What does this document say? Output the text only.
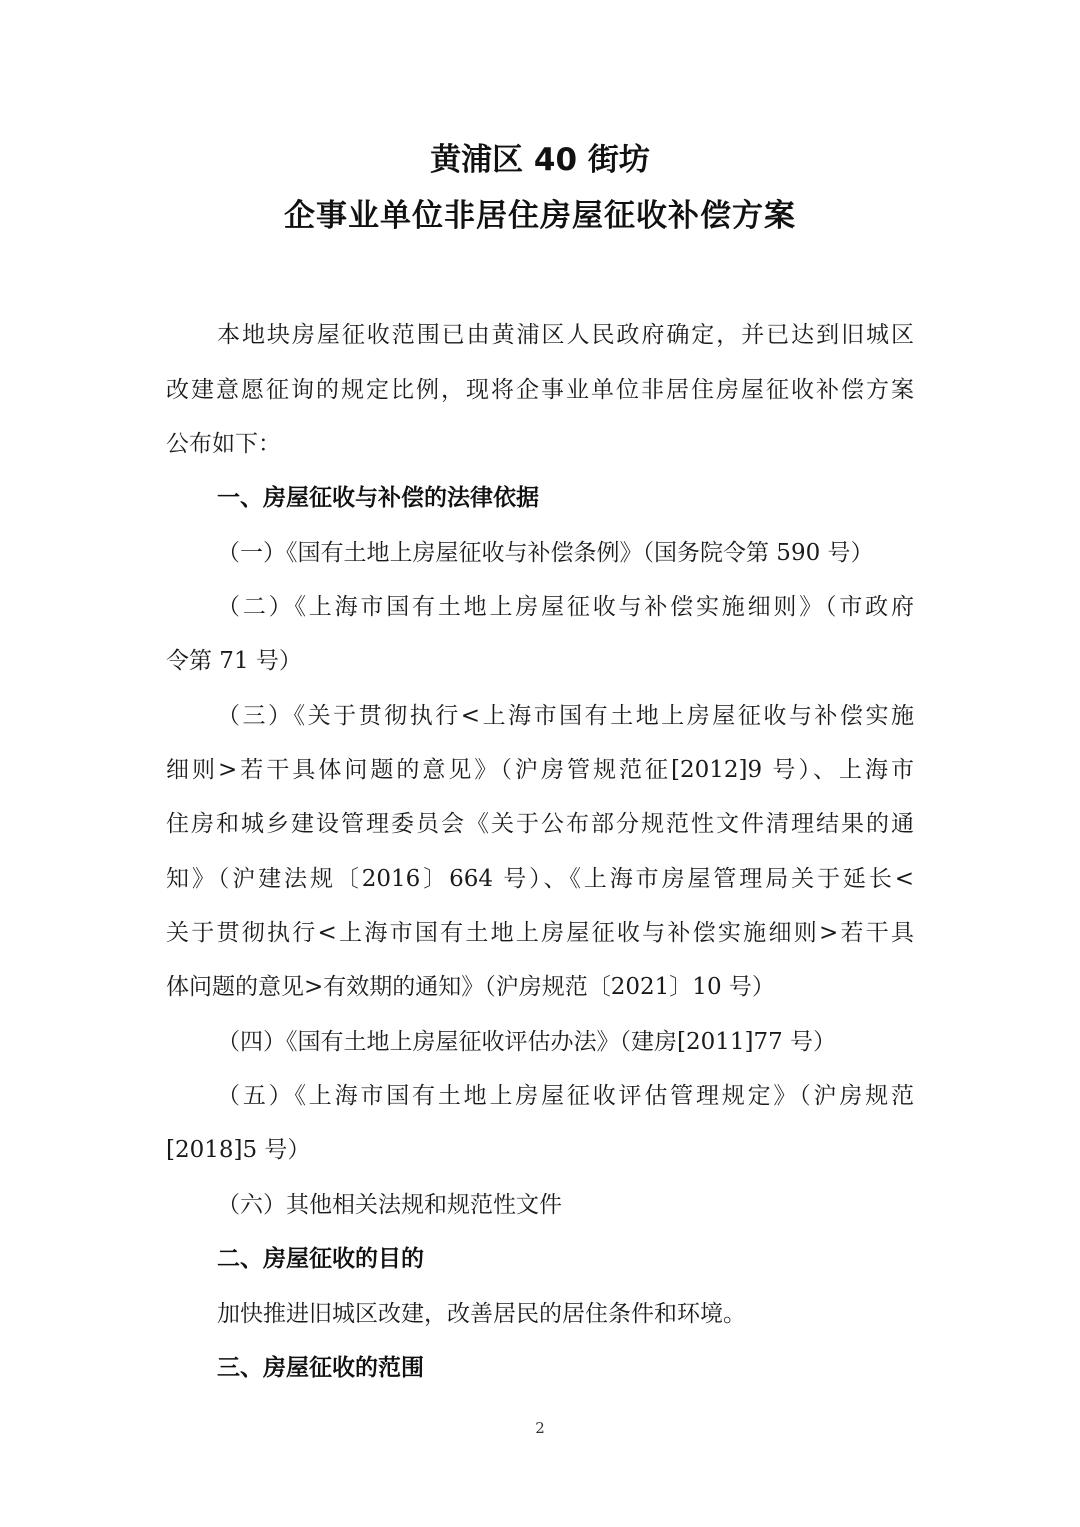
黄浦区 40 街坊
企事业单位非居住房屋征收补偿方案
本地块房屋征收范围已由黄浦区人民政府确定，并已达到旧城区
改建意愿征询的规定比例，现将企事业单位非居住房屋征收补偿方案
公布如下：
一、房屋征收与补偿的法律依据
（一）《国有土地上房屋征收与补偿条例》（国务院令第 590 号）
（二）《上海市国有土地上房屋征收与补偿实施细则》（市政府
令第 71 号）
（三）《关于贯彻执行<上海市国有土地上房屋征收与补偿实施
细则>若干具体问题的意见》（沪房管规范征[2012]9 号）、上海市
住房和城乡建设管理委员会《关于公布部分规范性文件清理结果的通
知》（沪建法规〔2016〕664 号）、《上海市房屋管理局关于延长<
关于贯彻执行<上海市国有土地上房屋征收与补偿实施细则>若干具
体问题的意见>有效期的通知》（沪房规范〔2021〕10 号）
（四）《国有土地上房屋征收评估办法》（建房[2011]77 号）
（五）《上海市国有土地上房屋征收评估管理规定》（沪房规范
[2018]5 号）
（六）其他相关法规和规范性文件
二、房屋征收的目的
加快推进旧城区改建，改善居民的居住条件和环境。
三、房屋征收的范围
2
